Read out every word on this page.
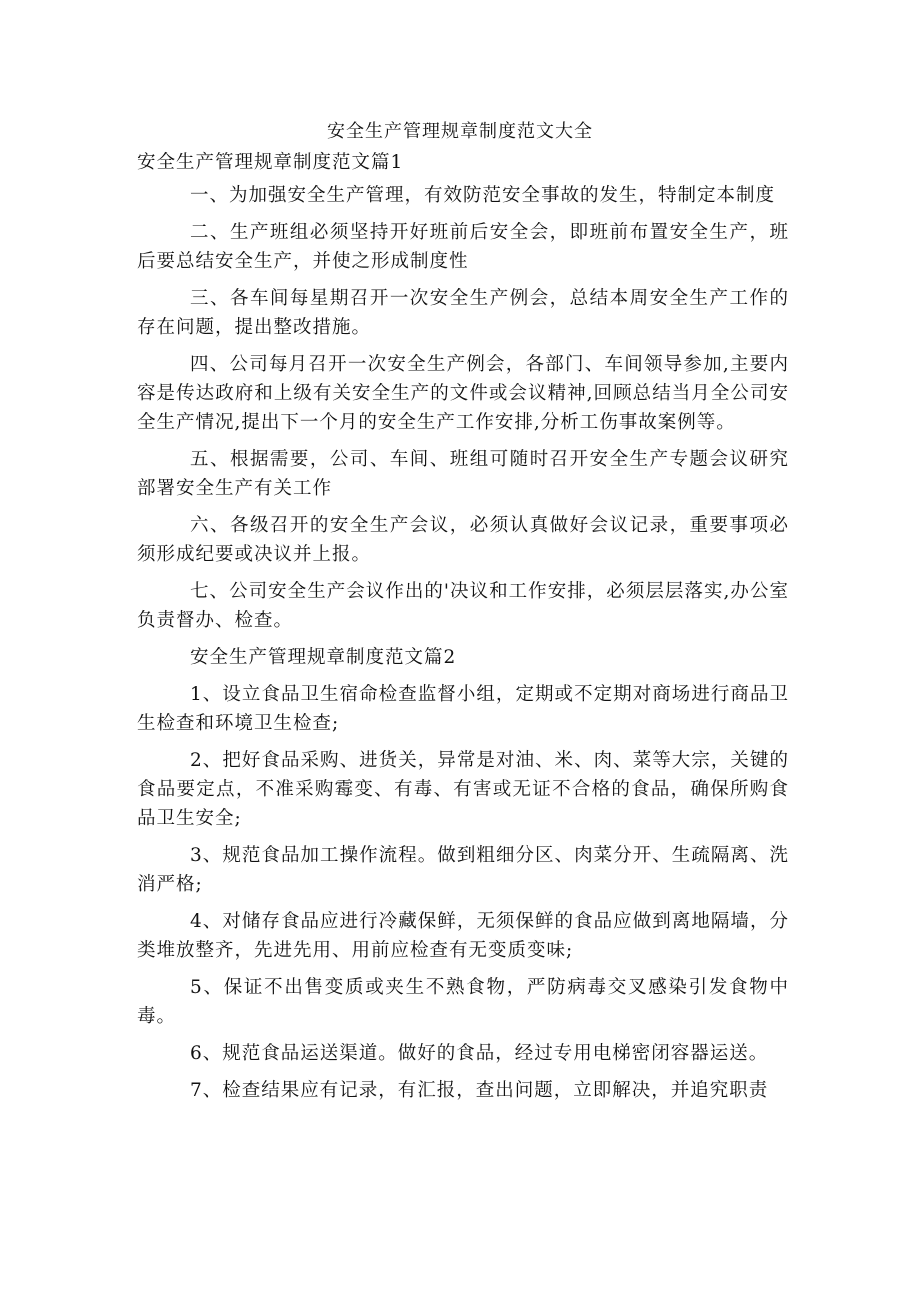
安全生产管理规章制度范文大全

安全生产管理规章制度范文篇1

一、为加强安全生产管理，有效防范安全事故的发生，特制定本制度

二、生产班组必须坚持开好班前后安全会，即班前布置安全生产，班后要总结安全生产，并使之形成制度性

三、各车间每星期召开一次安全生产例会，总结本周安全生产工作的存在问题，提出整改措施。

四、公司每月召开一次安全生产例会，各部门、车间领导参加,主要内容是传达政府和上级有关安全生产的文件或会议精神,回顾总结当月全公司安全生产情况,提出下一个月的安全生产工作安排,分析工伤事故案例等。

五、根据需要，公司、车间、班组可随时召开安全生产专题会议研究部署安全生产有关工作

六、各级召开的安全生产会议，必须认真做好会议记录，重要事项必须形成纪要或决议并上报。

七、公司安全生产会议作出的'决议和工作安排，必须层层落实,办公室负责督办、检查。

安全生产管理规章制度范文篇2

1、设立食品卫生宿命检查监督小组，定期或不定期对商场进行商品卫生检查和环境卫生检查;

2、把好食品采购、进货关，异常是对油、米、肉、菜等大宗，关键的食品要定点，不准采购霉变、有毒、有害或无证不合格的食品，确保所购食品卫生安全;

3、规范食品加工操作流程。做到粗细分区、肉菜分开、生疏隔离、洗消严格;

4、对储存食品应进行冷藏保鲜，无须保鲜的食品应做到离地隔墙，分类堆放整齐，先进先用、用前应检查有无变质变味;

5、保证不出售变质或夹生不熟食物，严防病毒交叉感染引发食物中毒。

6、规范食品运送渠道。做好的食品，经过专用电梯密闭容器运送。

7、检查结果应有记录，有汇报，查出问题，立即解决，并追究职责
